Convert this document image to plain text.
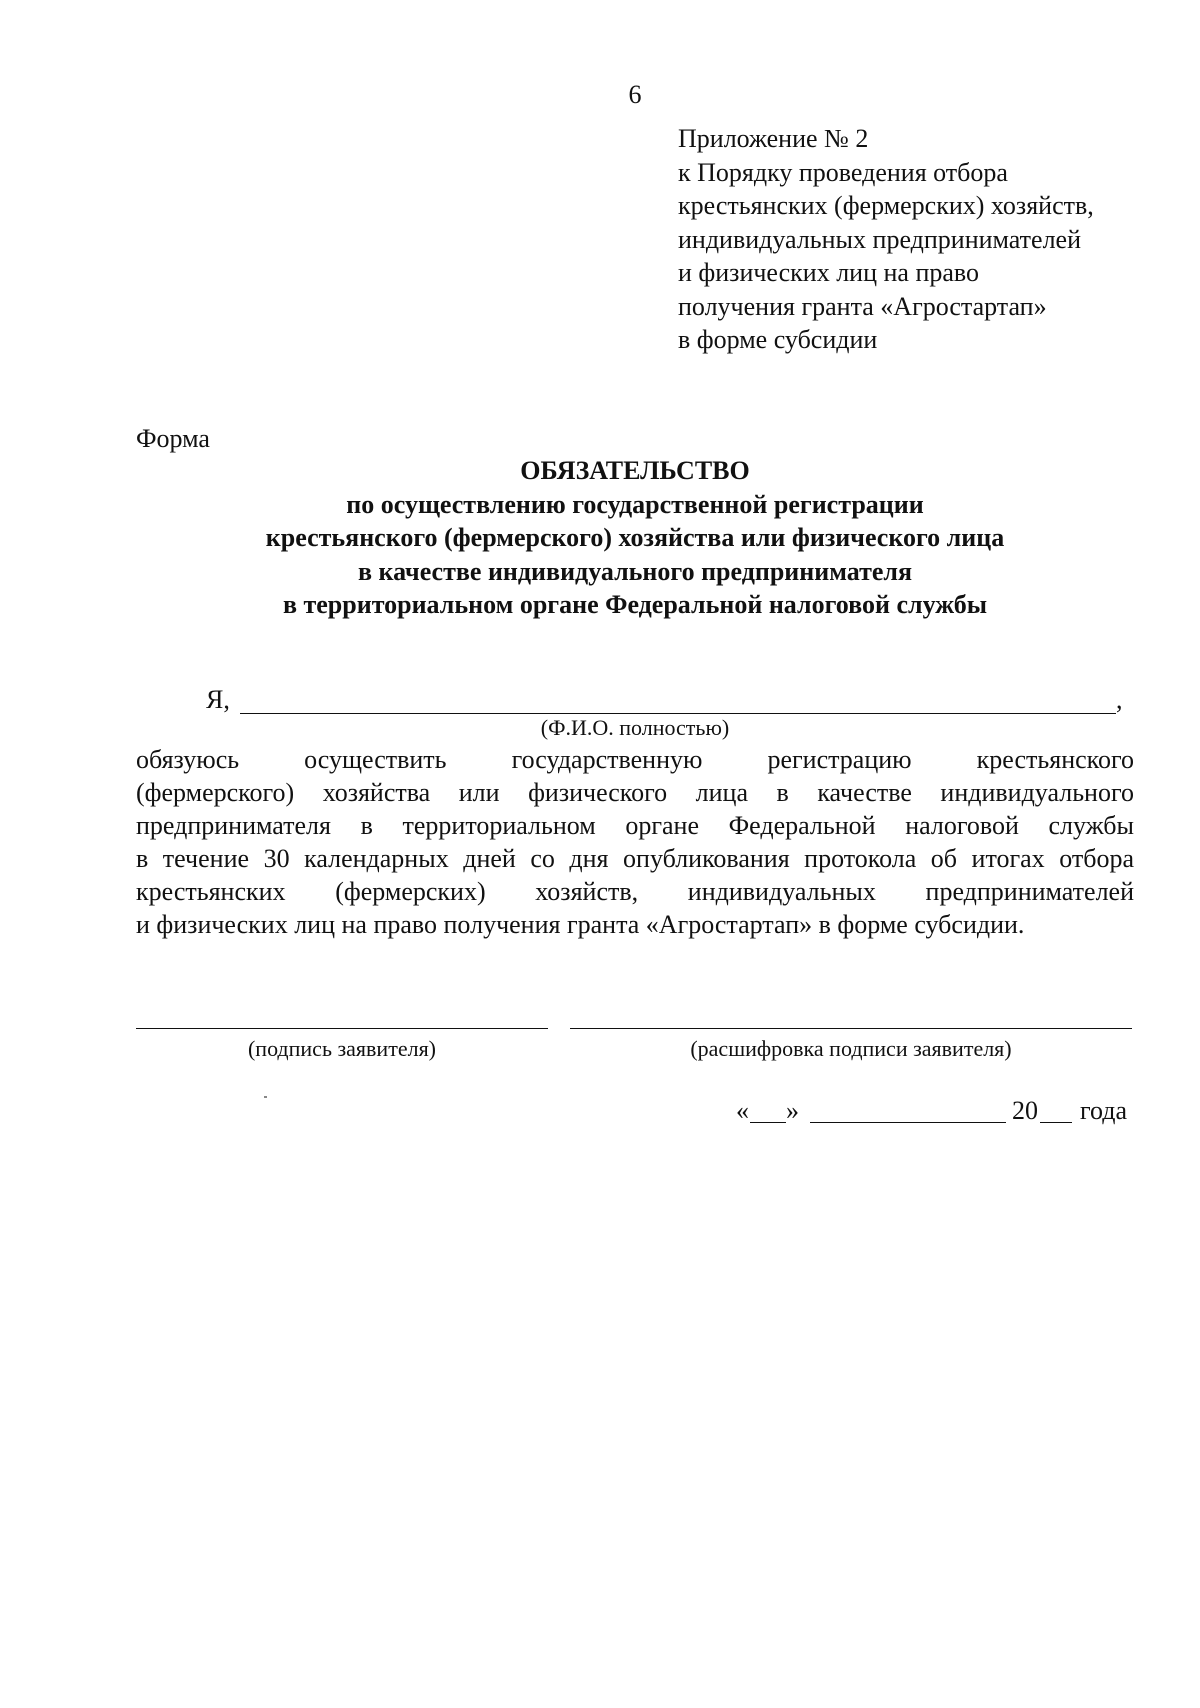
6
Приложение № 2
к Порядку проведения отбора
крестьянских (фермерских) хозяйств,
индивидуальных предпринимателей
и физических лиц на право
получения гранта «Агростартап»
в форме субсидии
Форма
ОБЯЗАТЕЛЬСТВО
по осуществлению государственной регистрации
крестьянского (фермерского) хозяйства или физического лица
в качестве индивидуального предпринимателя
в территориальном органе Федеральной налоговой службы
Я,	,
(Ф.И.О. полностью)
обязуюсь осуществить государственную регистрацию крестьянского
(фермерского) хозяйства или физического лица в качестве индивидуального
предпринимателя в территориальном органе Федеральной налоговой службы
в течение 30 календарных дней со дня опубликования протокола об итогах отбора
крестьянских (фермерских) хозяйств, индивидуальных предпринимателей
и физических лиц на право получения гранта «Агростартап» в форме субсидии.
(подпись заявителя)	(расшифровка подписи заявителя)
« »	20 года
